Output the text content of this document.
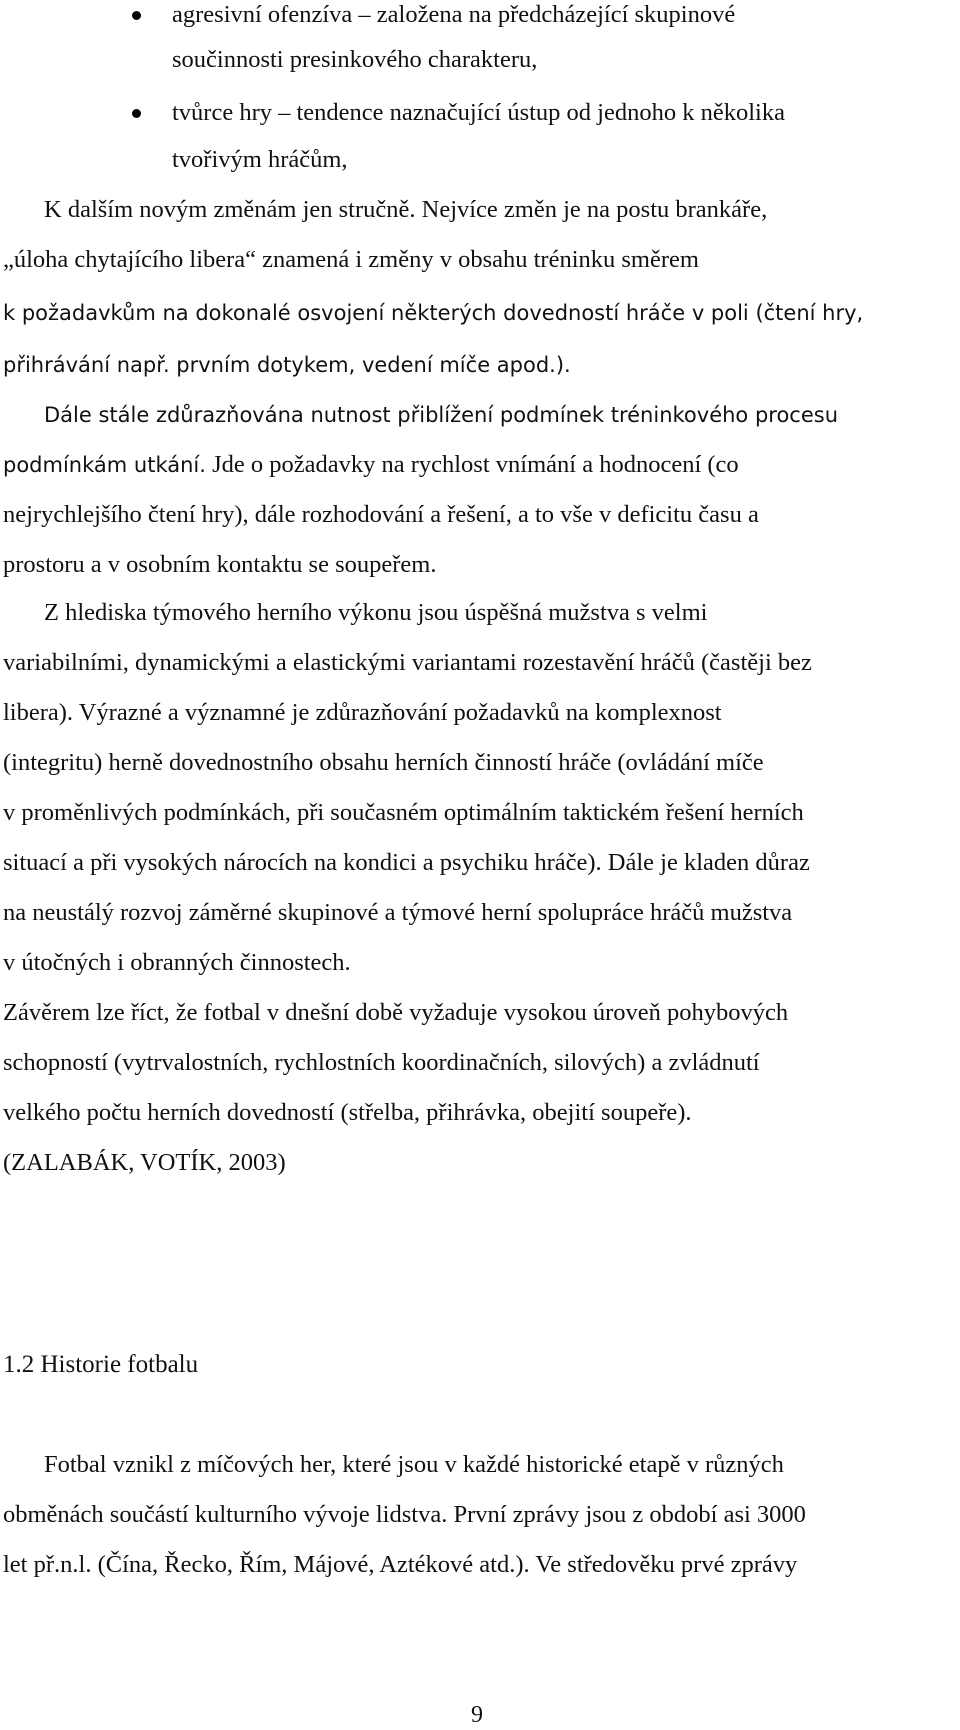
agresivní ofenzíva – založena na předcházející skupinové
součinnosti presinkového charakteru,
tvůrce hry – tendence naznačující ústup od jednoho k několika
tvořivým hráčům,
K dalším novým změnám jen stručně. Nejvíce změn je na postu brankáře,
„úloha chytajícího libera“ znamená i změny v obsahu tréninku směrem
k požadavkům na dokonalé osvojení některých dovedností hráče v poli (čtení hry,
přihrávání např. prvním dotykem, vedení míče apod.).
Dále stále zdůrazňována nutnost přiblížení podmínek tréninkového procesu
podmínkám utkání. Jde o požadavky na rychlost vnímání a hodnocení (co
nejrychlejšího čtení hry), dále rozhodování a řešení, a to vše v deficitu času a
prostoru a v osobním kontaktu se soupeřem.
Z hlediska týmového herního výkonu jsou úspěšná mužstva s velmi
variabilními, dynamickými a elastickými variantami rozestavění hráčů (častěji bez
libera). Výrazné a významné je zdůrazňování požadavků na komplexnost
(integritu) herně dovednostního obsahu herních činností hráče (ovládání míče
v proměnlivých podmínkách, při současném optimálním taktickém řešení herních
situací a při vysokých nárocích na kondici a psychiku hráče). Dále je kladen důraz
na neustálý rozvoj záměrné skupinové a týmové herní spolupráce hráčů mužstva
v útočných i obranných činnostech.
Závěrem lze říct, že fotbal v dnešní době vyžaduje vysokou úroveň pohybových
schopností (vytrvalostních, rychlostních koordinačních, silových) a zvládnutí
velkého počtu herních dovedností (střelba, přihrávka, obejití soupeře).
(ZALABÁK, VOTÍK, 2003)
1.2 Historie fotbalu
Fotbal vznikl z míčových her, které jsou v každé historické etapě v různých
obměnách součástí kulturního vývoje lidstva. První zprávy jsou z období asi 3000
let př.n.l. (Čína, Řecko, Řím, Májové, Aztékové atd.). Ve středověku prvé zprávy
9
